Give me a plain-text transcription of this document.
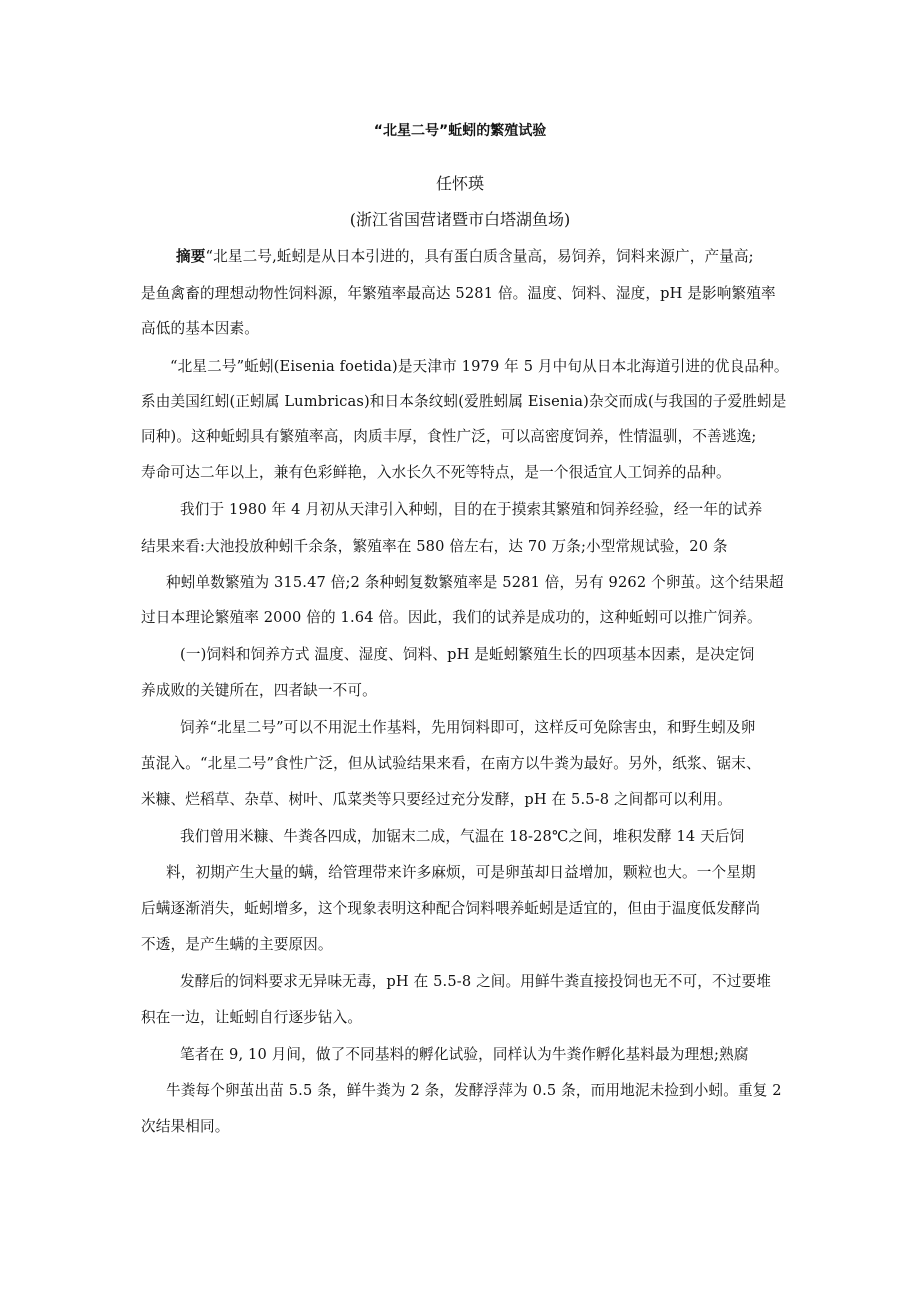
“北星二号”蚯蚓的繁殖试验
任怀瑛
(浙江省国营诸暨市白塔湖鱼场)
摘要“北星二号,蚯蚓是从日本引进的，具有蛋白质含量高，易饲养，饲料来源广，产量高;
是鱼禽畜的理想动物性饲料源，年繁殖率最高达 5281 倍。温度、饲料、湿度，pH 是影响繁殖率
高低的基本因素。
“北星二号”蚯蚓(Eisenia foetida)是天津市 1979 年 5 月中旬从日本北海道引进的优良品种。
系由美国红蚓(正蚓属 Lumbricas)和日本条纹蚓(爱胜蚓属 Eisenia)杂交而成(与我国的子爱胜蚓是
同种)。这种蚯蚓具有繁殖率高，肉质丰厚，食性广泛，可以高密度饲养，性情温驯，不善逃逸;
寿命可达二年以上，兼有色彩鲜艳，入水长久不死等特点，是一个很适宜人工饲养的品种。
我们于 1980 年 4 月初从天津引入种蚓，目的在于摸索其繁殖和饲养经验，经一年的试养
结果来看:大池投放种蚓千余条，繁殖率在 580 倍左右，达 70 万条;小型常规试验，20 条
种蚓单数繁殖为 315.47 倍;2 条种蚓复数繁殖率是 5281 倍，另有 9262 个卵茧。这个结果超
过日本理论繁殖率 2000 倍的 1.64 倍。因此，我们的试养是成功的，这种蚯蚓可以推广饲养。
(一)饲料和饲养方式 温度、湿度、饲料、pH 是蚯蚓繁殖生长的四项基本因素，是决定饲
养成败的关键所在，四者缺一不可。
饲养“北星二号”可以不用泥土作基料，先用饲料即可，这样反可免除害虫，和野生蚓及卵
茧混入。“北星二号”食性广泛，但从试验结果来看，在南方以牛粪为最好。另外，纸浆、锯末、
米糠、烂稻草、杂草、树叶、瓜菜类等只要经过充分发酵，pH 在 5.5-8 之间都可以利用。
我们曾用米糠、牛粪各四成，加锯末二成，气温在 18-28℃之间，堆积发酵 14 天后饲
料，初期产生大量的螨，给管理带来许多麻烦，可是卵茧却日益增加，颗粒也大。一个星期
后螨逐渐消失，蚯蚓增多，这个现象表明这种配合饲料喂养蚯蚓是适宜的，但由于温度低发酵尚
不透，是产生螨的主要原因。
发酵后的饲料要求无异味无毒，pH 在 5.5-8 之间。用鲜牛粪直接投饲也无不可，不过要堆
积在一边，让蚯蚓自行逐步钻入。
笔者在 9, 10 月间，做了不同基料的孵化试验，同样认为牛粪作孵化基料最为理想;熟腐
牛粪每个卵茧出苗 5.5 条，鲜牛粪为 2 条，发酵浮萍为 0.5 条，而用地泥未捡到小蚓。重复 2
次结果相同。
